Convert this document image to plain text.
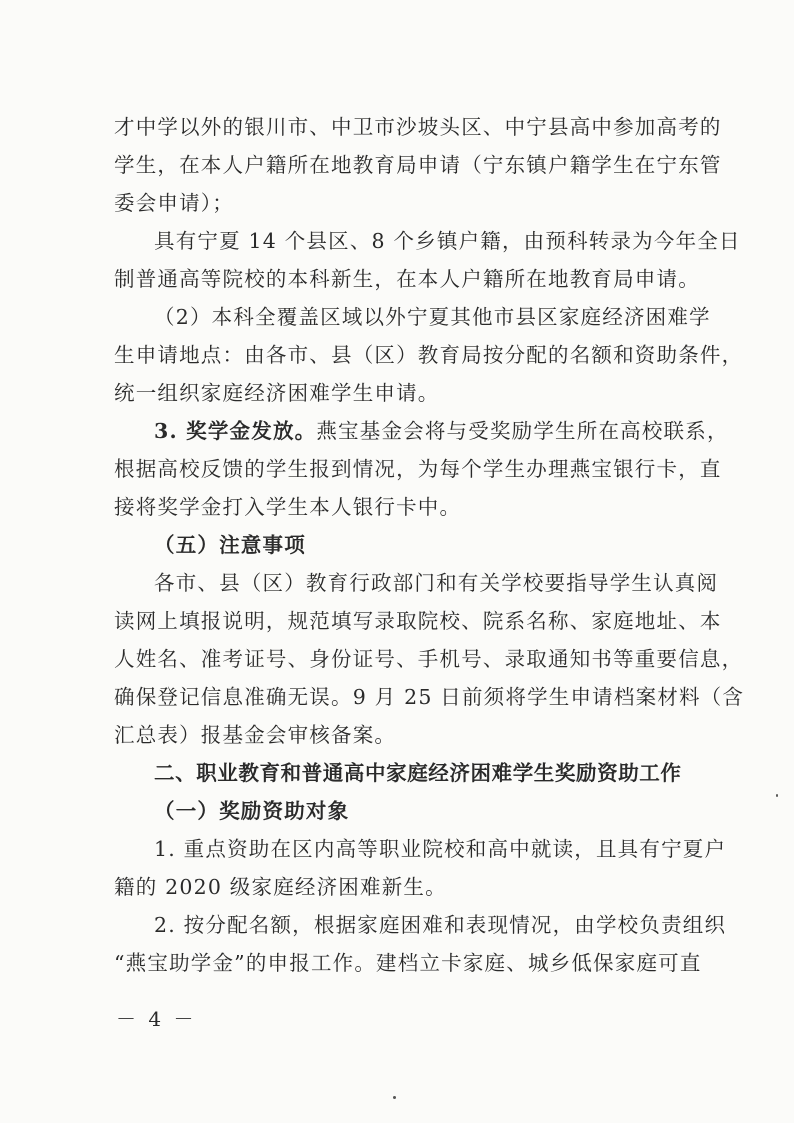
才中学以外的银川市、中卫市沙坡头区、中宁县高中参加高考的
学生，在本人户籍所在地教育局申请（宁东镇户籍学生在宁东管
委会申请）；
具有宁夏 14 个县区、8 个乡镇户籍，由预科转录为今年全日
制普通高等院校的本科新生，在本人户籍所在地教育局申请。
（2）本科全覆盖区域以外宁夏其他市县区家庭经济困难学
生申请地点：由各市、县（区）教育局按分配的名额和资助条件，
统一组织家庭经济困难学生申请。
3. 奖学金发放。燕宝基金会将与受奖励学生所在高校联系，
根据高校反馈的学生报到情况，为每个学生办理燕宝银行卡，直
接将奖学金打入学生本人银行卡中。
（五）注意事项
各市、县（区）教育行政部门和有关学校要指导学生认真阅
读网上填报说明，规范填写录取院校、院系名称、家庭地址、本
人姓名、准考证号、身份证号、手机号、录取通知书等重要信息，
确保登记信息准确无误。9 月 25 日前须将学生申请档案材料（含
汇总表）报基金会审核备案。
二、职业教育和普通高中家庭经济困难学生奖励资助工作
（一）奖励资助对象
1. 重点资助在区内高等职业院校和高中就读，且具有宁夏户
籍的 2020 级家庭经济困难新生。
2. 按分配名额，根据家庭困难和表现情况，由学校负责组织
“燕宝助学金”的申报工作。建档立卡家庭、城乡低保家庭可直
－ 4 －
